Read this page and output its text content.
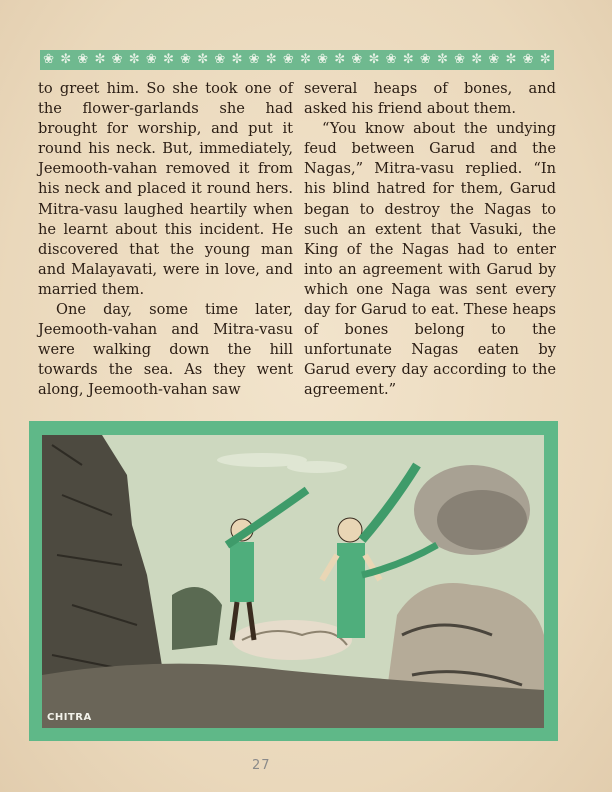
❀ ✼ ❀ ✼ ❀ ✼ ❀ ✼ ❀ ✼ ❀ ✼ ❀ ✼ ❀ ✼ ❀ ✼ ❀ ✼ ❀ ✼ ❀ ✼ ❀ ✼ ❀ ✼ ❀ ✼

to greet him. So she took one of the flower-garlands she had brought for worship, and put it round his neck. But, immediately, Jeemooth-vahan removed it from his neck and placed it round hers. Mitra-vasu laughed heartily when he learnt about this incident. He discovered that the young man and Malayavati, were in love, and married them.

One day, some time later, Jeemooth-vahan and Mitra-vasu were walking down the hill towards the sea. As they went along, Jeemooth-vahan saw

several heaps of bones, and asked his friend about them.

“You know about the undying feud between Garud and the Nagas,” Mitra-vasu replied. “In his blind hatred for them, Garud began to destroy the Nagas to such an extent that Vasuki, the King of the Nagas had to enter into an agreement with Garud by which one Naga was sent every day for Garud to eat. These heaps of bones belong to the unfortunate Nagas eaten by Garud every day according to the agreement.”

CHITRA
27
